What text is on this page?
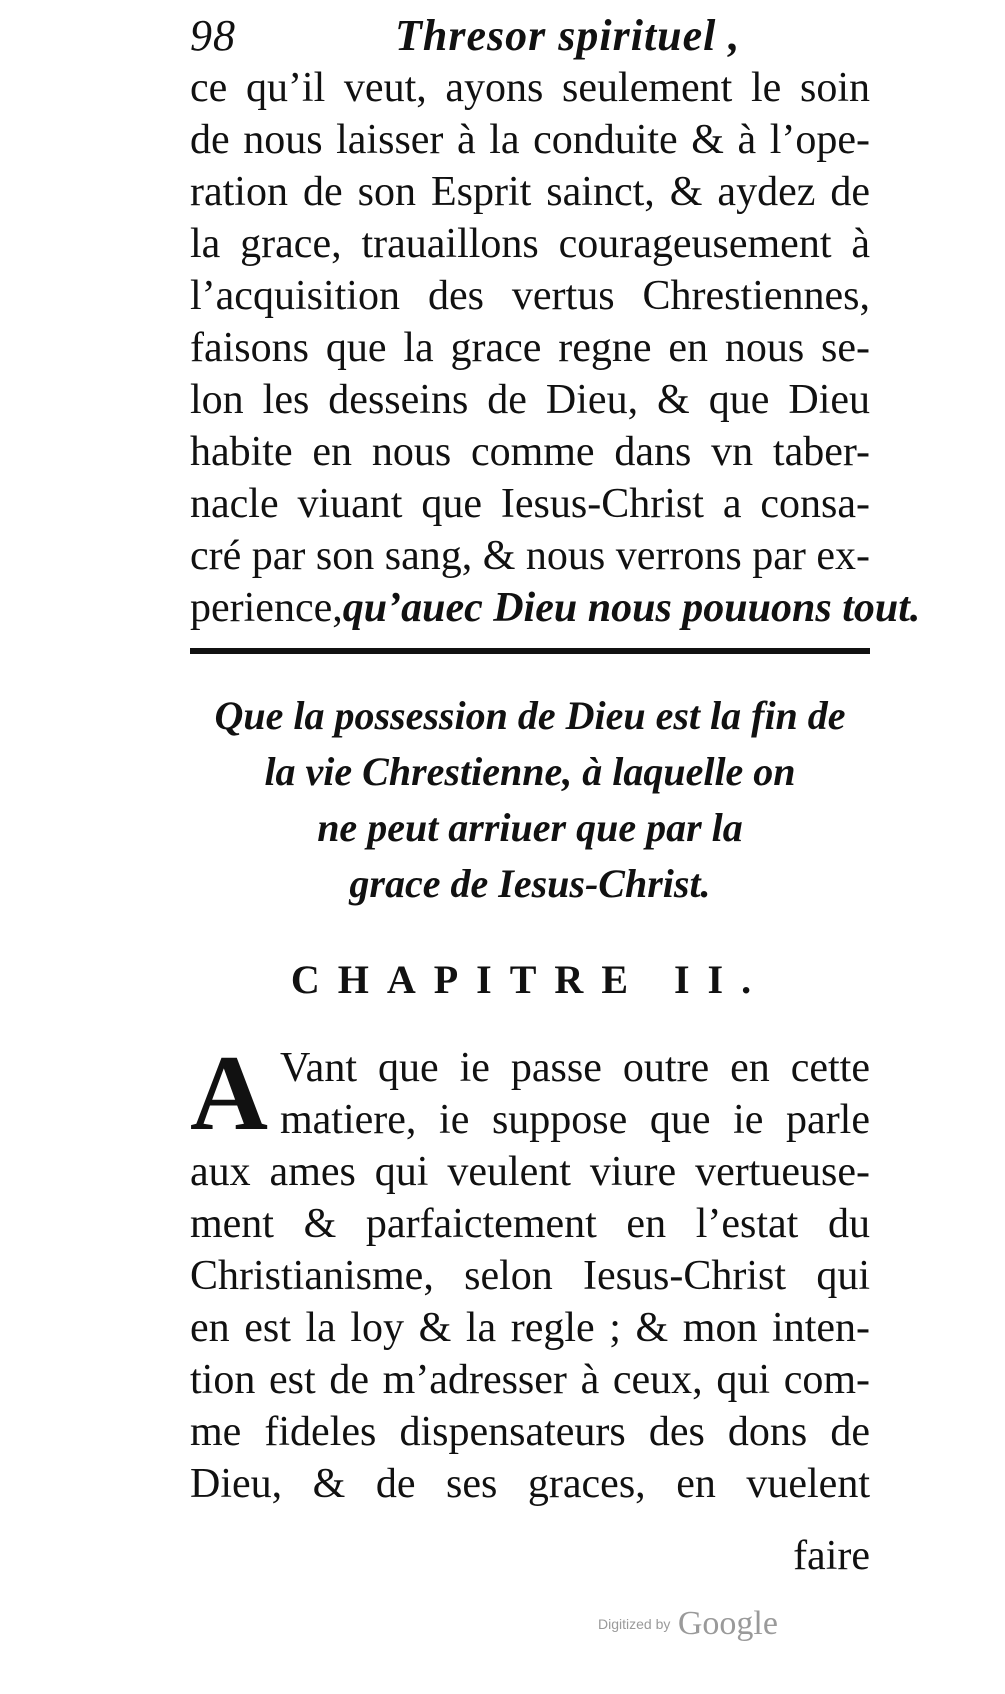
98	Thresor spirituel ,
ce qu’il veut, ayons seulement le soin
de nous laisser à la conduite & à l’ope-
ration de son Esprit sainct, & aydez de
la grace, trauaillons courageusement à
l’acquisition des vertus Chrestiennes,
faisons que la grace regne en nous se-
lon les desseins de Dieu, & que Dieu
habite en nous comme dans vn taber-
nacle viuant que Iesus-Christ a consa-
cré par son sang, & nous verrons par ex-
perience,qu’auec Dieu nous pouuons tout.
Que la possession de Dieu est la fin de
la vie Chrestienne, à laquelle on
ne peut arriuer que par la
grace de Iesus-Christ.
CHAPITRE II.
A Vant que ie passe outre en cette
matiere, ie suppose que ie parle
aux ames qui veulent viure vertueuse-
ment & parfaictement en l’estat du
Christianisme, selon Iesus-Christ qui
en est la loy & la regle ; & mon inten-
tion est de m’adresser à ceux, qui com-
me fideles dispensateurs des dons de
Dieu, & de ses graces, en vuelent
faire
Digitized by Google
